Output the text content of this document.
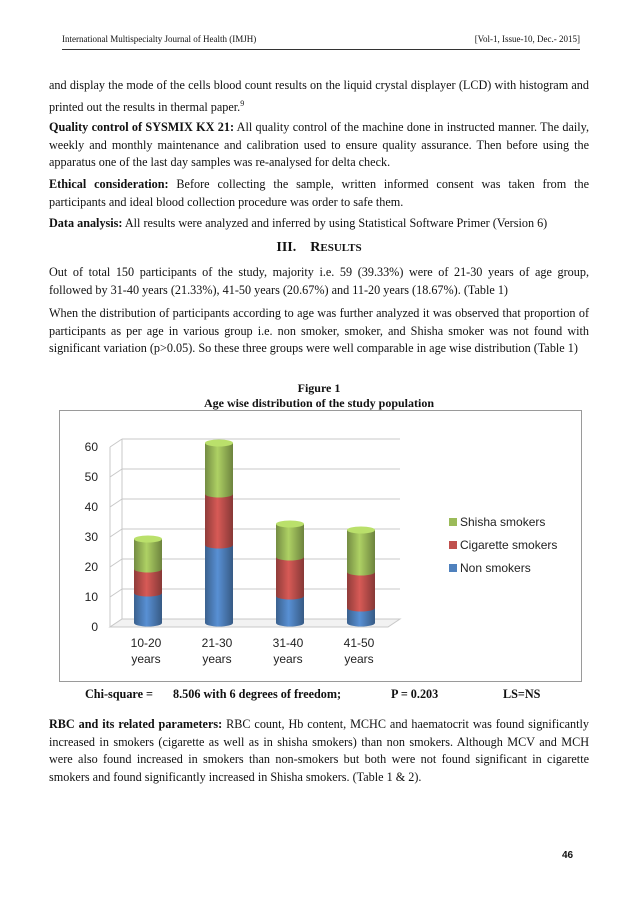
International Multispecialty Journal of Health (IMJH)	[Vol-1, Issue-10, Dec.- 2015]

and display the mode of the cells blood count results on the liquid crystal displayer (LCD) with histogram and printed out the results in thermal paper.$^9$

Quality control of SYSMIX KX 21: All quality control of the machine done in instructed manner. The daily, weekly and monthly maintenance and calibration used to ensure quality assurance. Then before using the apparatus one of the last day samples was re-analysed for delta check.

Ethical consideration: Before collecting the sample, written informed consent was taken from the participants and ideal blood collection procedure was order to safe them.

Data analysis: All results were analyzed and inferred by using Statistical Software Primer (Version 6)

III. RESULTS

Out of total 150 participants of the study, majority i.e. 59 (39.33%) were of 21-30 years of age group, followed by 31-40 years (21.33%), 41-50 years (20.67%) and 11-20 years (18.67%). (Table 1)

When the distribution of participants according to age was further analyzed it was observed that proportion of participants as per age in various group i.e. non smoker, smoker, and Shisha smoker was not found with significant variation (p>0.05). So these three groups were well comparable in age wise distribution (Table 1)

Figure 1
Age wise distribution of the study population
0
10
20
30
40
50
60
10-20
years
21-30
years
31-40
years
41-50
years
Shisha smokers
Cigarette smokers
Non smokers
Chi-square = 8.506 with 6 degrees of freedom;	P = 0.203	LS=NS

RBC and its related parameters: RBC count, Hb content, MCHC and haematocrit was found significantly increased in smokers (cigarette as well as in shisha smokers) than non smokers. Although MCV and MCH were also found increased in smokers than non-smokers but both were not found significant in cigarette smokers and found significantly increased in Shisha smokers. (Table 1 & 2).

46
